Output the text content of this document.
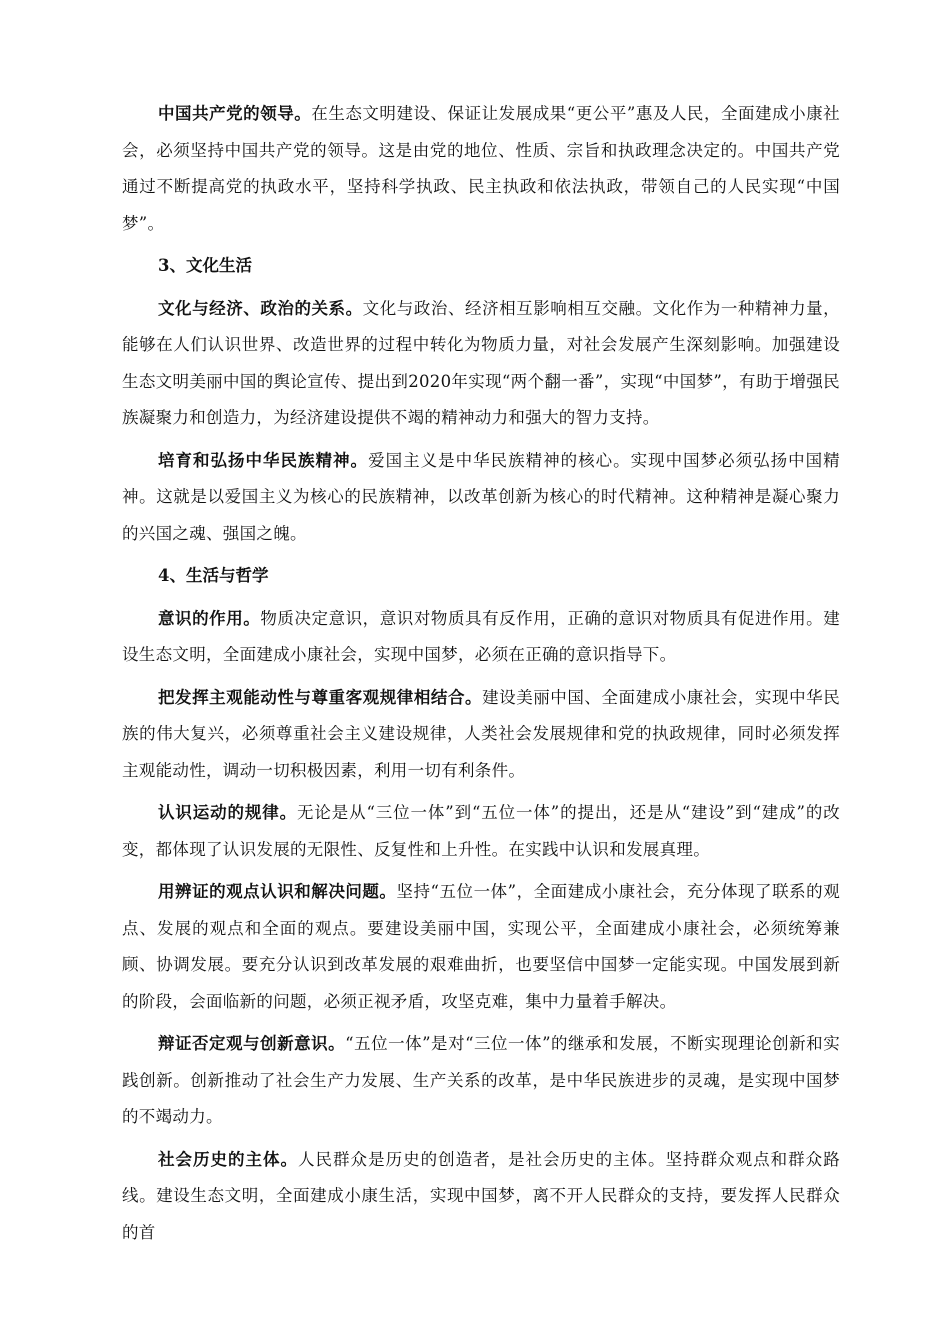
中国共产党的领导。在生态文明建设、保证让发展成果“更公平”惠及人民，全面建成小康社会，必须坚持中国共产党的领导。这是由党的地位、性质、宗旨和执政理念决定的。中国共产党通过不断提高党的执政水平，坚持科学执政、民主执政和依法执政，带领自己的人民实现“中国梦”。

3、文化生活

文化与经济、政治的关系。文化与政治、经济相互影响相互交融。文化作为一种精神力量，能够在人们认识世界、改造世界的过程中转化为物质力量，对社会发展产生深刻影响。加强建设生态文明美丽中国的舆论宣传、提出到2020年实现“两个翻一番”，实现“中国梦”，有助于增强民族凝聚力和创造力，为经济建设提供不竭的精神动力和强大的智力支持。

培育和弘扬中华民族精神。爱国主义是中华民族精神的核心。实现中国梦必须弘扬中国精神。这就是以爱国主义为核心的民族精神，以改革创新为核心的时代精神。这种精神是凝心聚力的兴国之魂、强国之魄。

4、生活与哲学

意识的作用。物质决定意识，意识对物质具有反作用，正确的意识对物质具有促进作用。建设生态文明，全面建成小康社会，实现中国梦，必须在正确的意识指导下。

把发挥主观能动性与尊重客观规律相结合。建设美丽中国、全面建成小康社会，实现中华民族的伟大复兴，必须尊重社会主义建设规律，人类社会发展规律和党的执政规律，同时必须发挥主观能动性，调动一切积极因素，利用一切有利条件。

认识运动的规律。无论是从“三位一体”到“五位一体”的提出，还是从“建设”到“建成”的改变，都体现了认识发展的无限性、反复性和上升性。在实践中认识和发展真理。

用辨证的观点认识和解决问题。坚持“五位一体”，全面建成小康社会，充分体现了联系的观点、发展的观点和全面的观点。要建设美丽中国，实现公平，全面建成小康社会，必须统筹兼顾、协调发展。要充分认识到改革发展的艰难曲折，也要坚信中国梦一定能实现。中国发展到新的阶段，会面临新的问题，必须正视矛盾，攻坚克难，集中力量着手解决。

辩证否定观与创新意识。“五位一体”是对“三位一体”的继承和发展，不断实现理论创新和实践创新。创新推动了社会生产力发展、生产关系的改革，是中华民族进步的灵魂，是实现中国梦的不竭动力。

社会历史的主体。人民群众是历史的创造者，是社会历史的主体。坚持群众观点和群众路线。建设生态文明，全面建成小康生活，实现中国梦，离不开人民群众的支持，要发挥人民群众的首
